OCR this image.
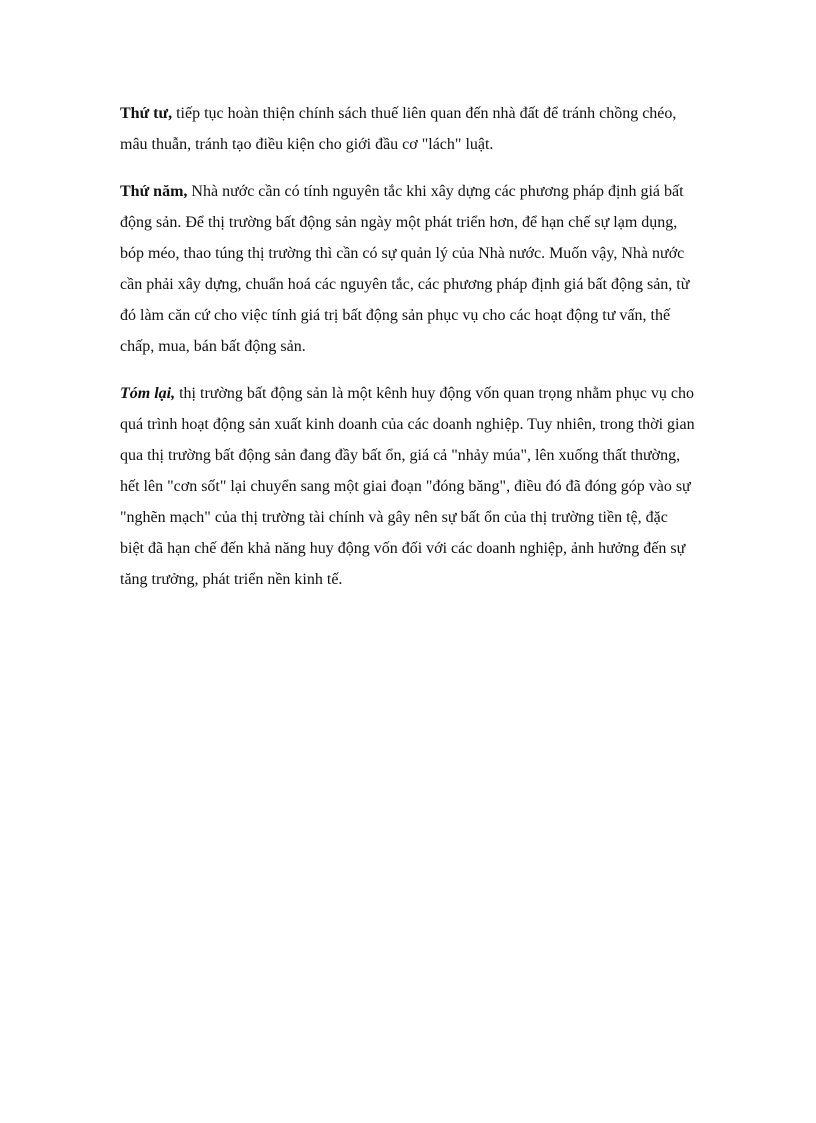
Thứ tư, tiếp tục hoàn thiện chính sách thuế liên quan đến nhà đất để tránh chồng chéo, mâu thuẫn, tránh tạo điều kiện cho giới đầu cơ "lách" luật.

Thứ năm, Nhà nước cần có tính nguyên tắc khi xây dựng các phương pháp định giá bất động sản. Để thị trường bất động sản ngày một phát triển hơn, để hạn chế sự lạm dụng, bóp méo, thao túng thị trường thì cần có sự quản lý của Nhà nước. Muốn vậy, Nhà nước cần phải xây dựng, chuẩn hoá các nguyên tắc, các phương pháp định giá bất động sản, từ đó làm căn cứ cho việc tính giá trị bất động sản phục vụ cho các hoạt động tư vấn, thế chấp, mua, bán bất động sản.

Tóm lại, thị trường bất động sản là một kênh huy động vốn quan trọng nhằm phục vụ cho quá trình hoạt động sản xuất kinh doanh của các doanh nghiệp. Tuy nhiên, trong thời gian qua thị trường bất động sản đang đầy bất ổn, giá cả "nhảy múa", lên xuống thất thường, hết lên "cơn sốt" lại chuyển sang một giai đoạn "đóng băng", điều đó đã đóng góp vào sự "nghẽn mạch" của thị trường tài chính và gây nên sự bất ổn của thị trường tiền tệ, đặc biệt đã hạn chế đến khả năng huy động vốn đối với các doanh nghiệp, ảnh hưởng đến sự tăng trưởng, phát triển nền kinh tế.
